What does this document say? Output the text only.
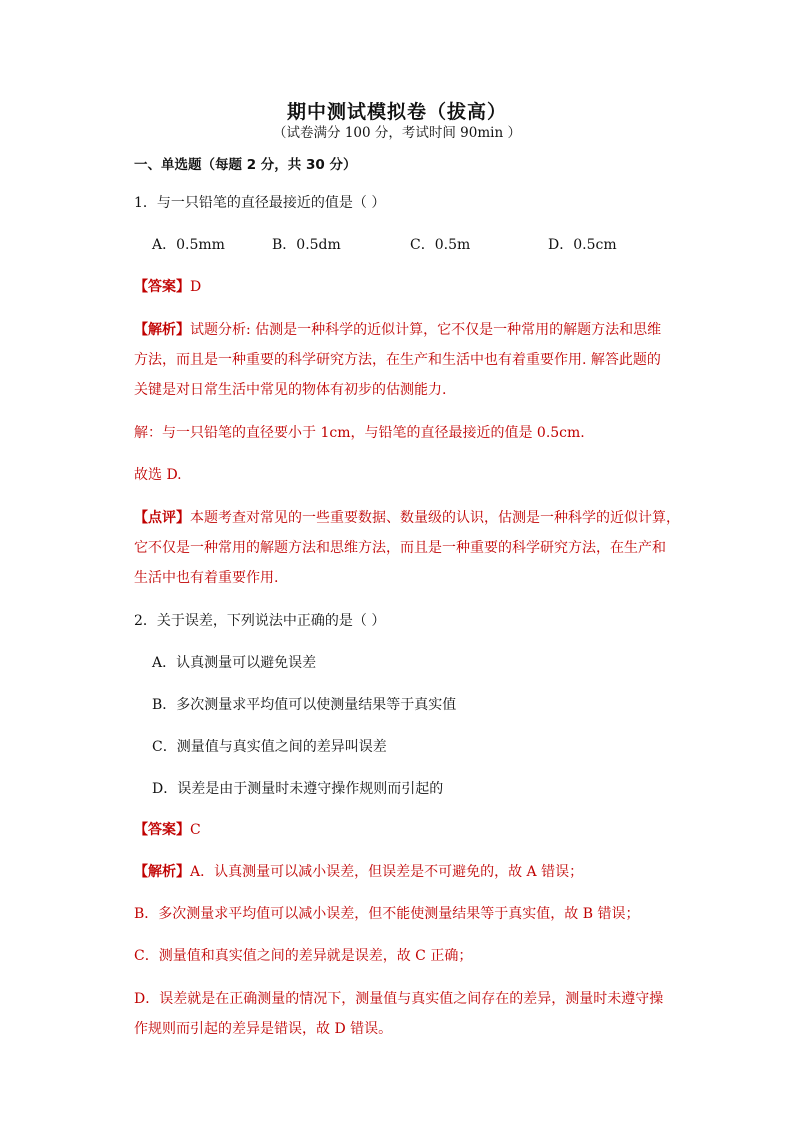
期中测试模拟卷（拔高）
（试卷满分 100 分，考试时间 90min ）
一、单选题（每题 2 分，共 30 分）
1．与一只铅笔的直径最接近的值是（ ）
A．0.5mm	B．0.5dm	C．0.5m	D．0.5cm
【答案】D
【解析】试题分析: 估测是一种科学的近似计算，它不仅是一种常用的解题方法和思维
方法，而且是一种重要的科学研究方法，在生产和生活中也有着重要作用. 解答此题的
关键是对日常生活中常见的物体有初步的估测能力.
解：与一只铅笔的直径要小于 1cm，与铅笔的直径最接近的值是 0.5cm.
故选 D.
【点评】本题考查对常见的一些重要数据、数量级的认识，估测是一种科学的近似计算，
它不仅是一种常用的解题方法和思维方法，而且是一种重要的科学研究方法，在生产和
生活中也有着重要作用.
2．关于误差，下列说法中正确的是（ ）
A．认真测量可以避免误差
B．多次测量求平均值可以使测量结果等于真实值
C．测量值与真实值之间的差异叫误差
D．误差是由于测量时未遵守操作规则而引起的
【答案】C
【解析】A．认真测量可以减小误差，但误差是不可避免的，故 A 错误；
B．多次测量求平均值可以减小误差，但不能使测量结果等于真实值，故 B 错误；
C．测量值和真实值之间的差异就是误差，故 C 正确；
D．误差就是在正确测量的情况下，测量值与真实值之间存在的差异，测量时未遵守操
作规则而引起的差异是错误，故 D 错误。
